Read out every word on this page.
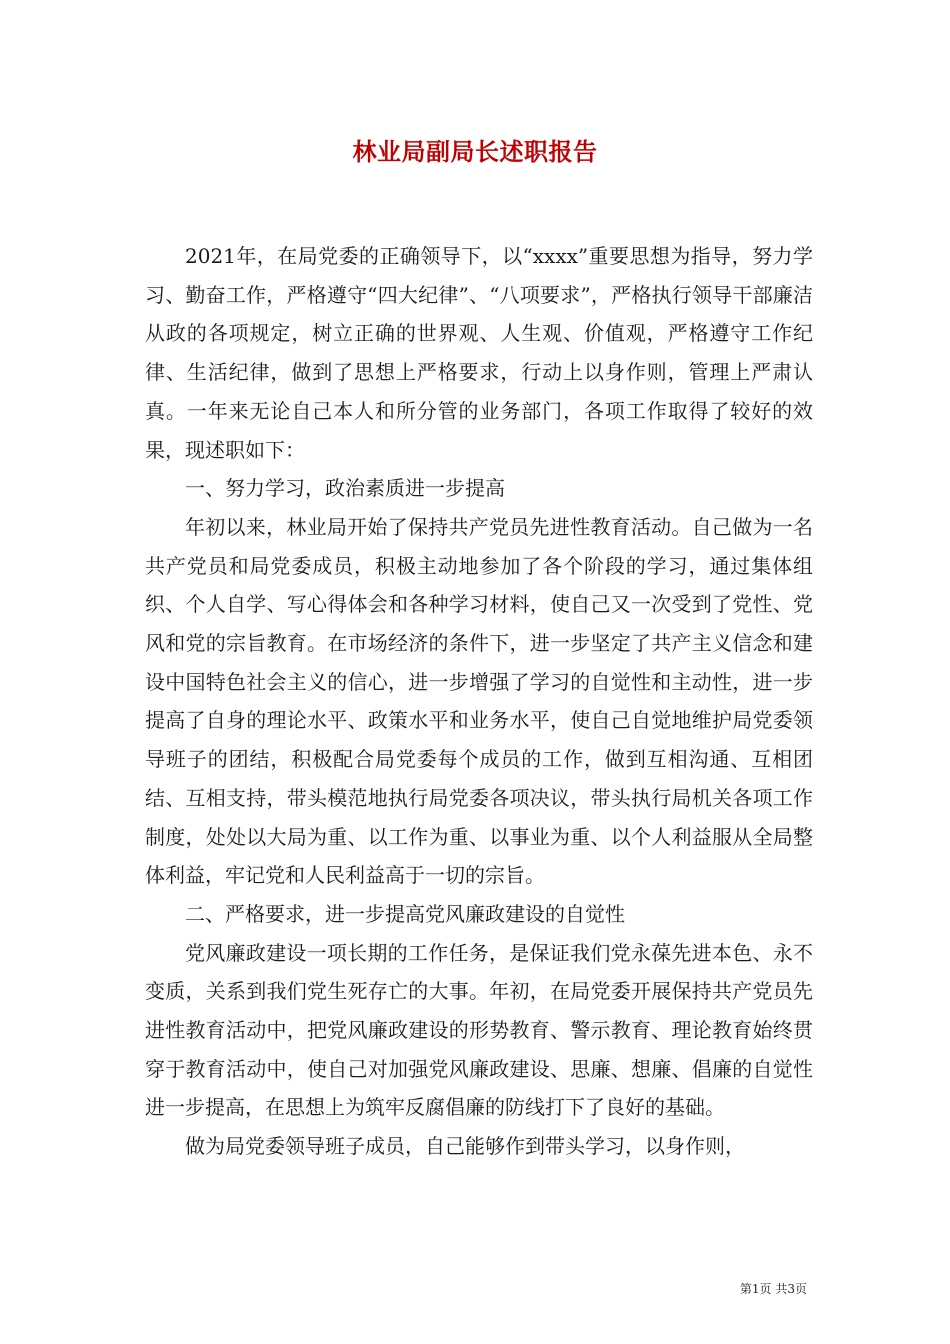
林业局副局长述职报告

2021年，在局党委的正确领导下，以“xxxx”重要思想为指导，努力学习、勤奋工作，严格遵守“四大纪律”、“八项要求”，严格执行领导干部廉洁从政的各项规定，树立正确的世界观、人生观、价值观，严格遵守工作纪律、生活纪律，做到了思想上严格要求，行动上以身作则，管理上严肃认真。一年来无论自己本人和所分管的业务部门，各项工作取得了较好的效果，现述职如下：

一、努力学习，政治素质进一步提高

年初以来，林业局开始了保持共产党员先进性教育活动。自己做为一名共产党员和局党委成员，积极主动地参加了各个阶段的学习，通过集体组织、个人自学、写心得体会和各种学习材料，使自己又一次受到了党性、党风和党的宗旨教育。在市场经济的条件下，进一步坚定了共产主义信念和建设中国特色社会主义的信心，进一步增强了学习的自觉性和主动性，进一步提高了自身的理论水平、政策水平和业务水平，使自己自觉地维护局党委领导班子的团结，积极配合局党委每个成员的工作，做到互相沟通、互相团结、互相支持，带头模范地执行局党委各项决议，带头执行局机关各项工作制度，处处以大局为重、以工作为重、以事业为重、以个人利益服从全局整体利益，牢记党和人民利益高于一切的宗旨。

二、严格要求，进一步提高党风廉政建设的自觉性

党风廉政建设一项长期的工作任务，是保证我们党永葆先进本色、永不变质，关系到我们党生死存亡的大事。年初，在局党委开展保持共产党员先进性教育活动中，把党风廉政建设的形势教育、警示教育、理论教育始终贯穿于教育活动中，使自己对加强党风廉政建设、思廉、想廉、倡廉的自觉性进一步提高，在思想上为筑牢反腐倡廉的防线打下了良好的基础。

做为局党委领导班子成员，自己能够作到带头学习，以身作则，

第1页 共3页
